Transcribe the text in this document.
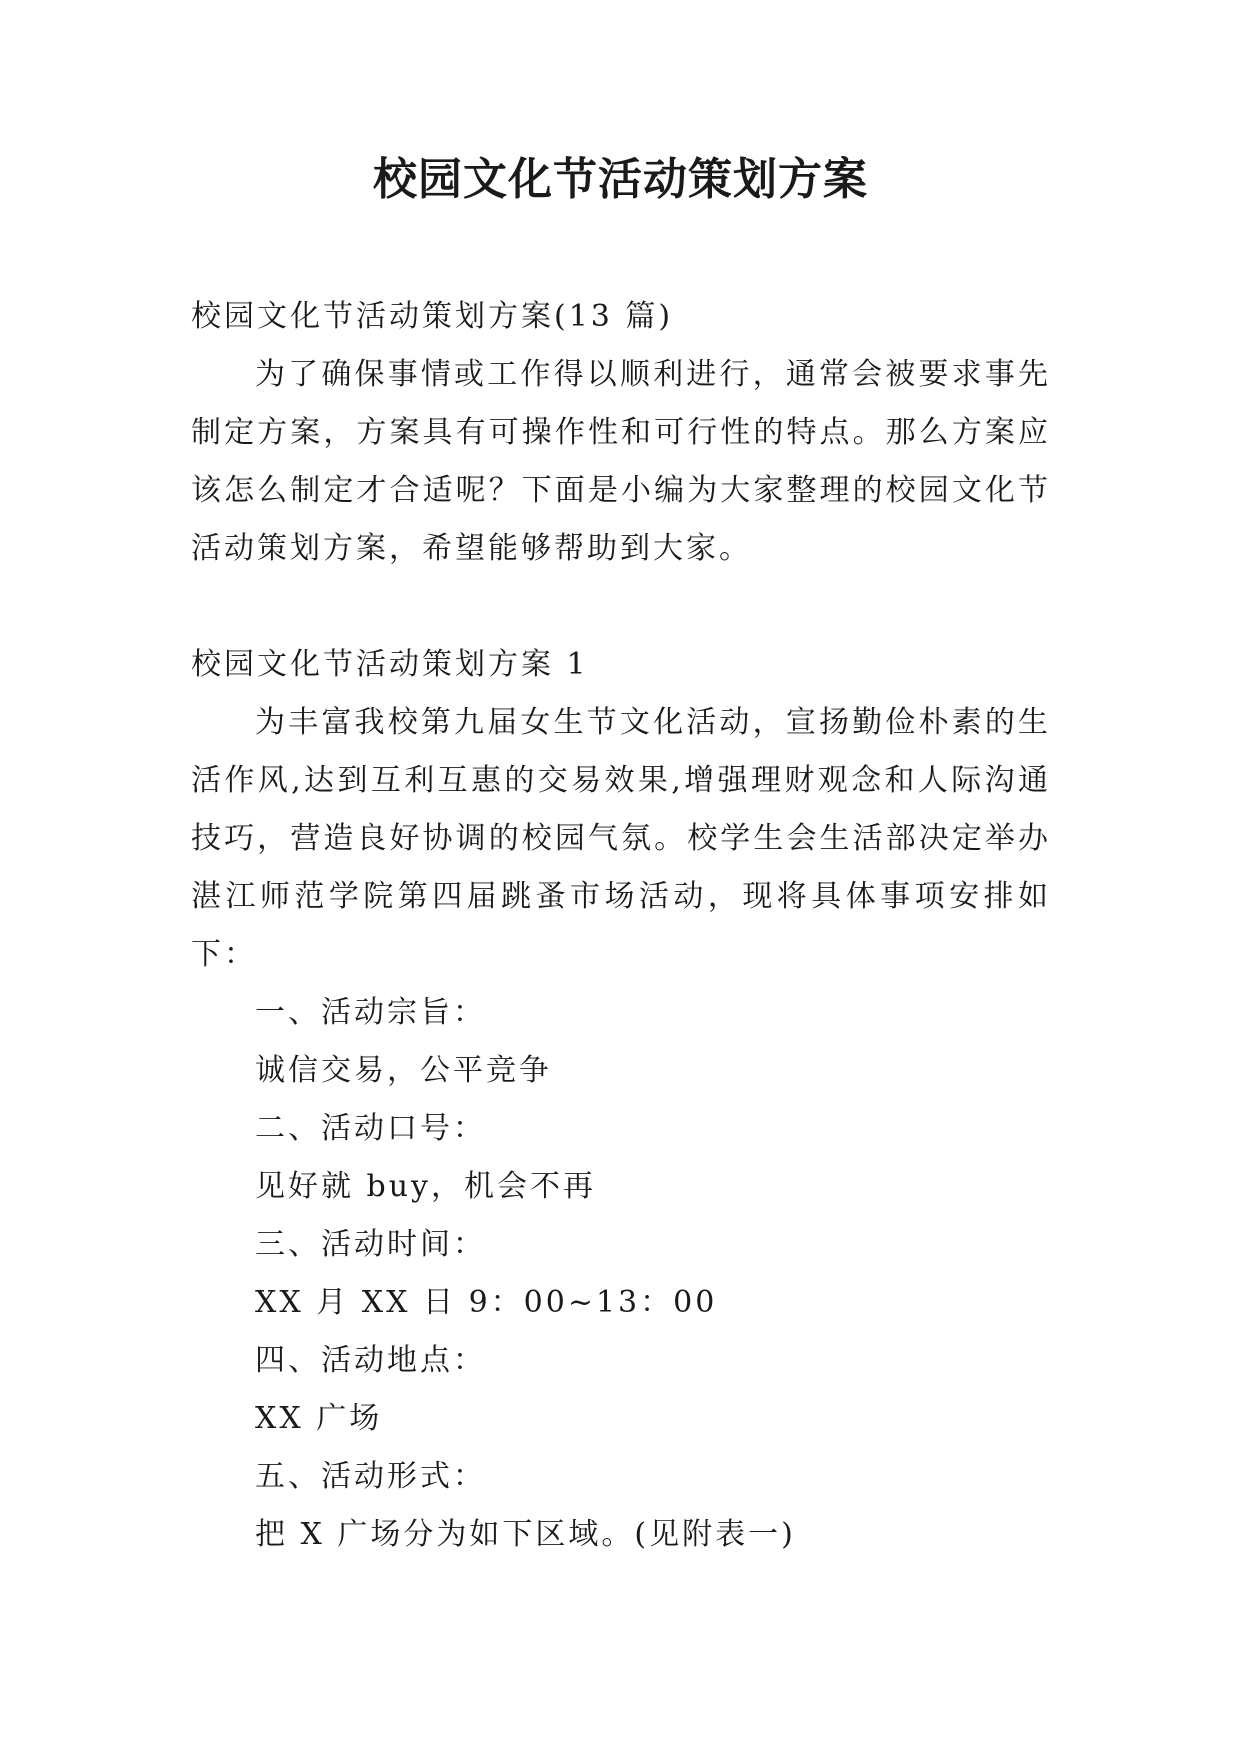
校园文化节活动策划方案

校园文化节活动策划方案(13 篇)

为了确保事情或工作得以顺利进行，通常会被要求事先制定方案，方案具有可操作性和可行性的特点。那么方案应该怎么制定才合适呢？下面是小编为大家整理的校园文化节活动策划方案，希望能够帮助到大家。

校园文化节活动策划方案 1

为丰富我校第九届女生节文化活动，宣扬勤俭朴素的生活作风,达到互利互惠的交易效果,增强理财观念和人际沟通技巧，营造良好协调的校园气氛。校学生会生活部决定举办湛江师范学院第四届跳蚤市场活动，现将具体事项安排如下：

一、活动宗旨：

诚信交易，公平竞争

二、活动口号：

见好就 buy，机会不再

三、活动时间：

XX 月 XX 日 9：00~13：00

四、活动地点：

XX 广场

五、活动形式：

把 X 广场分为如下区域。(见附表一)
